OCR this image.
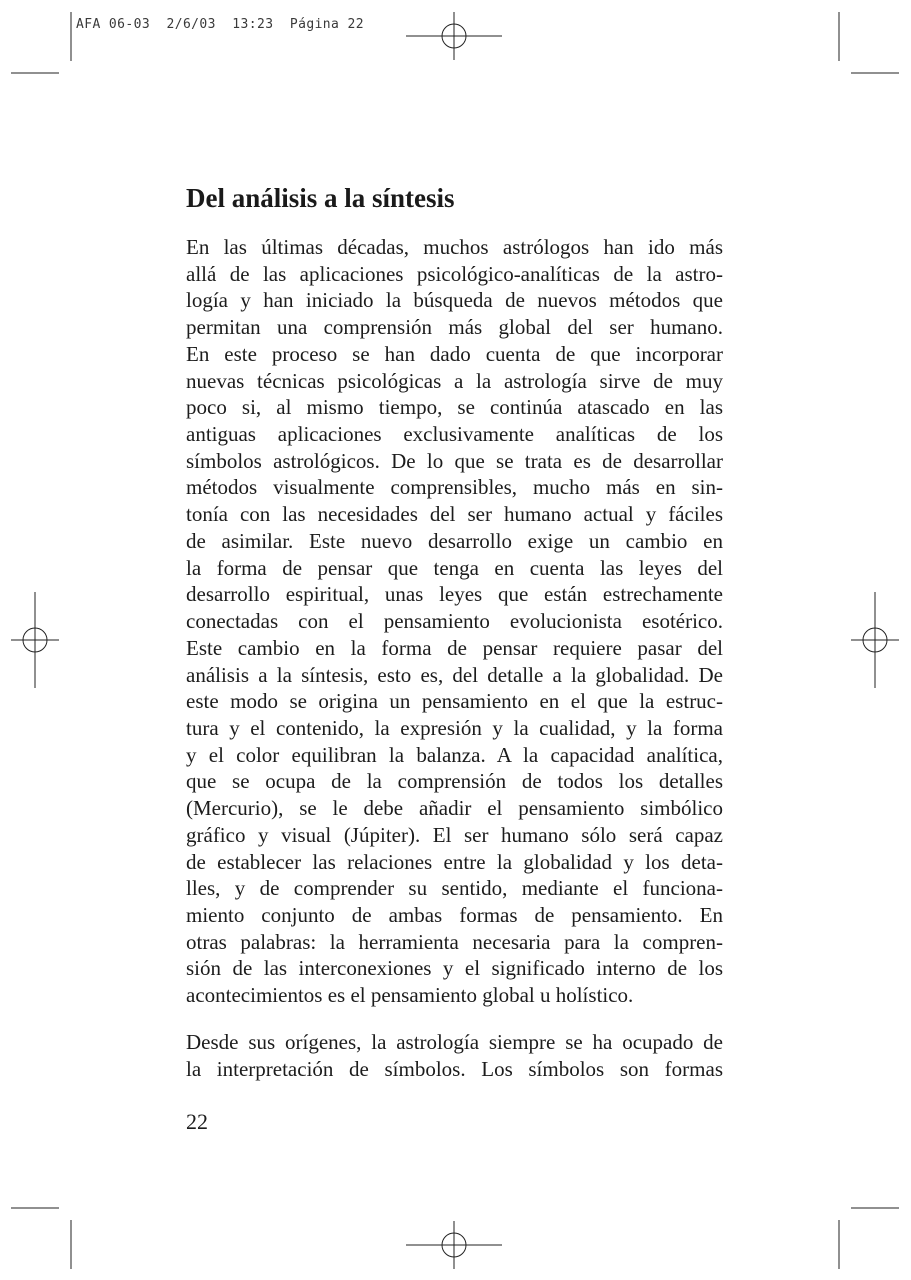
AFA 06-03  2/6/03  13:23  Página 22
Del análisis a la síntesis
En las últimas décadas, muchos astrólogos han ido más
allá de las aplicaciones psicológico-analíticas de la astro-
logía y han iniciado la búsqueda de nuevos métodos que
permitan una comprensión más global del ser humano.
En este proceso se han dado cuenta de que incorporar
nuevas técnicas psicológicas a la astrología sirve de muy
poco si, al mismo tiempo, se continúa atascado en las
antiguas aplicaciones exclusivamente analíticas de los
símbolos astrológicos. De lo que se trata es de desarrollar
métodos visualmente comprensibles, mucho más en sin-
tonía con las necesidades del ser humano actual y fáciles
de asimilar. Este nuevo desarrollo exige un cambio en
la forma de pensar que tenga en cuenta las leyes del
desarrollo espiritual, unas leyes que están estrechamente
conectadas con el pensamiento evolucionista esotérico.
Este cambio en la forma de pensar requiere pasar del
análisis a la síntesis, esto es, del detalle a la globalidad. De
este modo se origina un pensamiento en el que la estruc-
tura y el contenido, la expresión y la cualidad, y la forma
y el color equilibran la balanza. A la capacidad analítica,
que se ocupa de la comprensión de todos los detalles
(Mercurio), se le debe añadir el pensamiento simbólico
gráfico y visual (Júpiter). El ser humano sólo será capaz
de establecer las relaciones entre la globalidad y los deta-
lles, y de comprender su sentido, mediante el funciona-
miento conjunto de ambas formas de pensamiento. En
otras palabras: la herramienta necesaria para la compren-
sión de las interconexiones y el significado interno de los
acontecimientos es el pensamiento global u holístico.
Desde sus orígenes, la astrología siempre se ha ocupado de
la interpretación de símbolos. Los símbolos son formas
22
